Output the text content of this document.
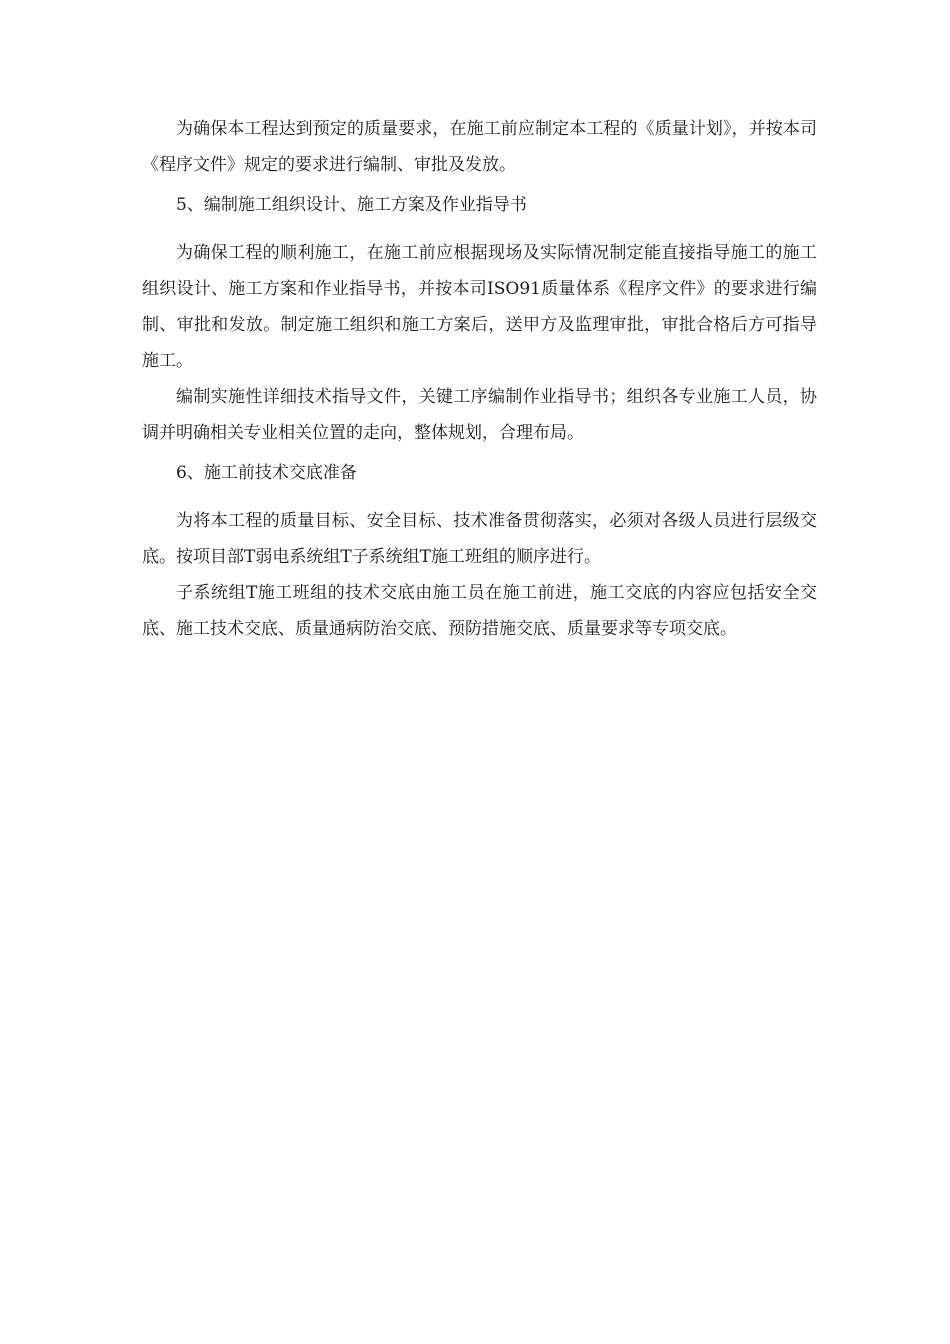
为确保本工程达到预定的质量要求，在施工前应制定本工程的《质量计划》，并按本司《程序文件》规定的要求进行编制、审批及发放。

5、编制施工组织设计、施工方案及作业指导书

为确保工程的顺利施工，在施工前应根据现场及实际情况制定能直接指导施工的施工组织设计、施工方案和作业指导书，并按本司ISO91质量体系《程序文件》的要求进行编制、审批和发放。制定施工组织和施工方案后，送甲方及监理审批，审批合格后方可指导施工。

编制实施性详细技术指导文件，关键工序编制作业指导书；组织各专业施工人员，协调并明确相关专业相关位置的走向，整体规划，合理布局。

6、施工前技术交底准备

为将本工程的质量目标、安全目标、技术准备贯彻落实，必须对各级人员进行层级交底。按项目部T弱电系统组T子系统组T施工班组的顺序进行。

子系统组T施工班组的技术交底由施工员在施工前进，施工交底的内容应包括安全交底、施工技术交底、质量通病防治交底、预防措施交底、质量要求等专项交底。
